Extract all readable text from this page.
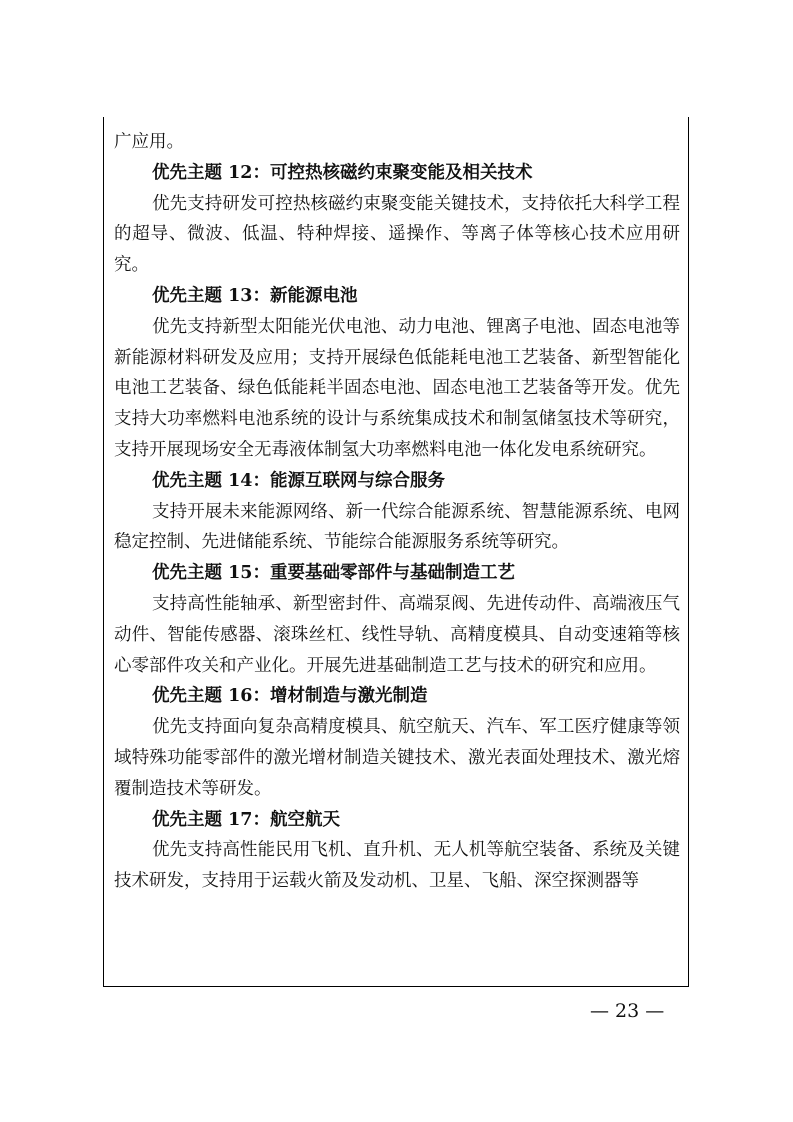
广应用。

优先主题 12：可控热核磁约束聚变能及相关技术

优先支持研发可控热核磁约束聚变能关键技术，支持依托大科学工程的超导、微波、低温、特种焊接、遥操作、等离子体等核心技术应用研究。

优先主题 13：新能源电池

优先支持新型太阳能光伏电池、动力电池、锂离子电池、固态电池等新能源材料研发及应用；支持开展绿色低能耗电池工艺装备、新型智能化电池工艺装备、绿色低能耗半固态电池、固态电池工艺装备等开发。优先支持大功率燃料电池系统的设计与系统集成技术和制氢储氢技术等研究，支持开展现场安全无毒液体制氢大功率燃料电池一体化发电系统研究。

优先主题 14：能源互联网与综合服务

支持开展未来能源网络、新一代综合能源系统、智慧能源系统、电网稳定控制、先进储能系统、节能综合能源服务系统等研究。

优先主题 15：重要基础零部件与基础制造工艺

支持高性能轴承、新型密封件、高端泵阀、先进传动件、高端液压气动件、智能传感器、滚珠丝杠、线性导轨、高精度模具、自动变速箱等核心零部件攻关和产业化。开展先进基础制造工艺与技术的研究和应用。

优先主题 16：增材制造与激光制造

优先支持面向复杂高精度模具、航空航天、汽车、军工医疗健康等领域特殊功能零部件的激光增材制造关键技术、激光表面处理技术、激光熔覆制造技术等研发。

优先主题 17：航空航天

优先支持高性能民用飞机、直升机、无人机等航空装备、系统及关键技术研发，支持用于运载火箭及发动机、卫星、飞船、深空探测器等

— 23 —
